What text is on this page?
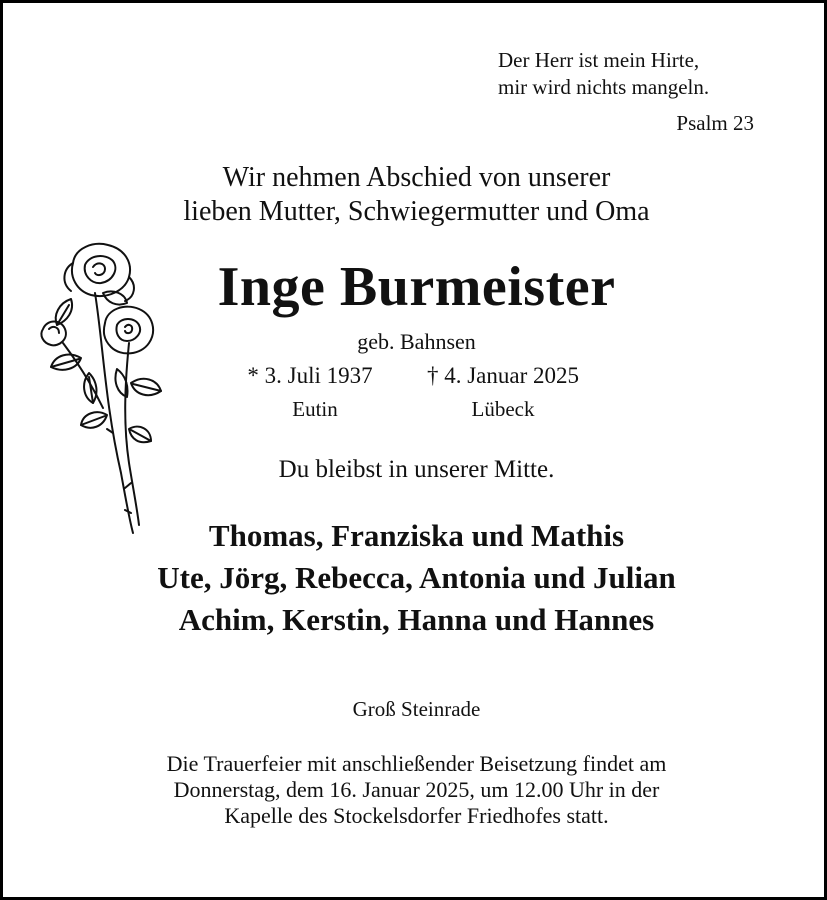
Der Herr ist mein Hirte,
mir wird nichts mangeln.
Psalm 23
Wir nehmen Abschied von unserer
lieben Mutter, Schwiegermutter und Oma
Inge Burmeister
geb. Bahnsen
* 3. Juli 1937	† 4. Januar 2025
Eutin	Lübeck
Du bleibst in unserer Mitte.
Thomas, Franziska und Mathis
Ute, Jörg, Rebecca, Antonia und Julian
Achim, Kerstin, Hanna und Hannes
Groß Steinrade
Die Trauerfeier mit anschließender Beisetzung findet am
Donnerstag, dem 16. Januar 2025, um 12.00 Uhr in der
Kapelle des Stockelsdorfer Friedhofes statt.
